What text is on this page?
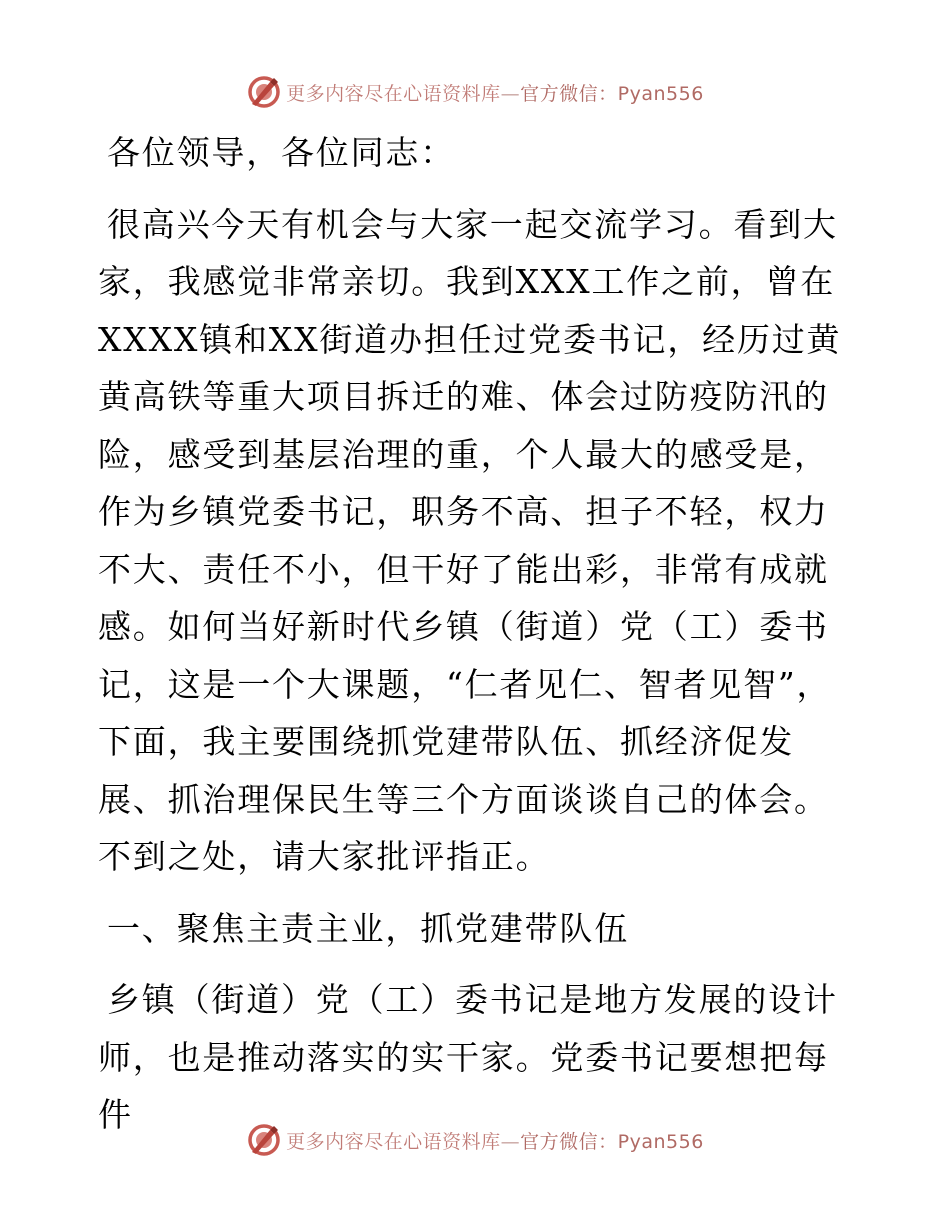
更多内容尽在心语资料库—官方微信：Pyan556

各位领导，各位同志：

很高兴今天有机会与大家一起交流学习。看到大家，我感觉非常亲切。我到XXX工作之前，曾在XXXX镇和XX街道办担任过党委书记，经历过黄黄高铁等重大项目拆迁的难、体会过防疫防汛的险，感受到基层治理的重，个人最大的感受是，作为乡镇党委书记，职务不高、担子不轻，权力不大、责任不小，但干好了能出彩，非常有成就感。如何当好新时代乡镇（街道）党（工）委书记，这是一个大课题，“仁者见仁、智者见智”，下面，我主要围绕抓党建带队伍、抓经济促发展、抓治理保民生等三个方面谈谈自己的体会。不到之处，请大家批评指正。

一、聚焦主责主业，抓党建带队伍

乡镇（街道）党（工）委书记是地方发展的设计师，也是推动落实的实干家。党委书记要想把每件

更多内容尽在心语资料库—官方微信：Pyan556
